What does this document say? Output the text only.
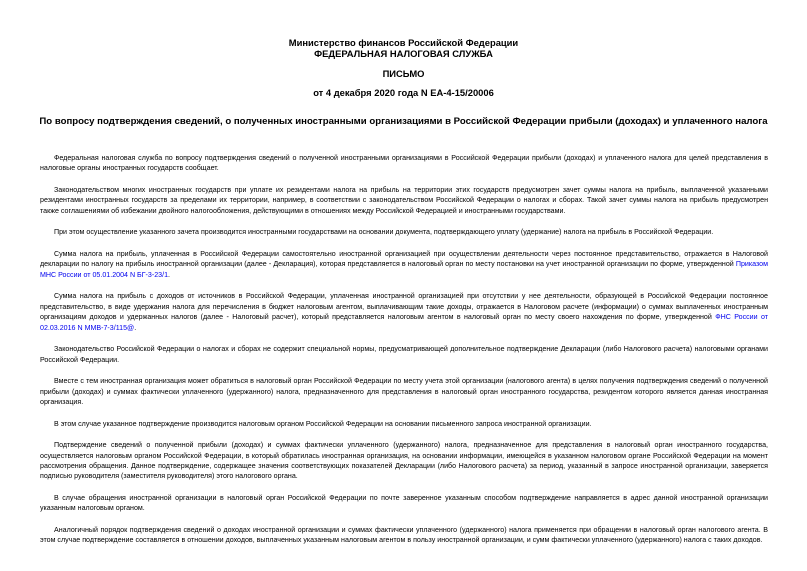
Министерство финансов Российской Федерации
ФЕДЕРАЛЬНАЯ НАЛОГОВАЯ СЛУЖБА
ПИСЬМО
от 4 декабря 2020 года N ЕА-4-15/20006
По вопросу подтверждения сведений, о полученных иностранными организациями в Российской Федерации прибыли (доходах) и уплаченного налога

Федеральная налоговая служба по вопросу подтверждения сведений о полученной иностранными организациями в Российской Федерации прибыли (доходах) и уплаченного налога для целей представления в налоговые органы иностранных государств сообщает.

Законодательством многих иностранных государств при уплате их резидентами налога на прибыль на территории этих государств предусмотрен зачет суммы налога на прибыль, выплаченной указанными резидентами иностранных государств за пределами их территории, например, в соответствии с законодательством Российской Федерации о налогах и сборах. Такой зачет суммы налога на прибыль предусмотрен также соглашениями об избежании двойного налогообложения, действующими в отношениях между Российской Федерацией и иностранными государствами.

При этом осуществление указанного зачета производится иностранными государствами на основании документа, подтверждающего уплату (удержание) налога на прибыль в Российской Федерации.

Сумма налога на прибыль, уплаченная в Российской Федерации самостоятельно иностранной организацией при осуществлении деятельности через постоянное представительство, отражается в Налоговой декларации по налогу на прибыль иностранной организации (далее - Декларация), которая представляется в налоговый орган по месту постановки на учет иностранной организации по форме, утвержденной Приказом МНС России от 05.01.2004 N БГ-3-23/1.

Сумма налога на прибыль с доходов от источников в Российской Федерации, уплаченная иностранной организацией при отсутствии у нее деятельности, образующей в Российской Федерации постоянное представительство, в виде удержания налога для перечисления в бюджет налоговым агентом, выплачивающим такие доходы, отражается в Налоговом расчете (информации) о суммах выплаченных иностранным организациям доходов и удержанных налогов (далее - Налоговый расчет), который представляется налоговым агентом в налоговый орган по месту своего нахождения по форме, утвержденной ФНС России от 02.03.2016 N ММВ-7-3/115@.

Законодательство Российской Федерации о налогах и сборах не содержит специальной нормы, предусматривающей дополнительное подтверждение Декларации (либо Налогового расчета) налоговыми органами Российской Федерации.

Вместе с тем иностранная организация может обратиться в налоговый орган Российской Федерации по месту учета этой организации (налогового агента) в целях получения подтверждения сведений о полученной прибыли (доходах) и суммах фактически уплаченного (удержанного) налога, предназначенного для представления в налоговый орган иностранного государства, резидентом которого является данная иностранная организация.

В этом случае указанное подтверждение производится налоговым органом Российской Федерации на основании письменного запроса иностранной организации.

Подтверждение сведений о полученной прибыли (доходах) и суммах фактически уплаченного (удержанного) налога, предназначенное для представления в налоговый орган иностранного государства, осуществляется налоговым органом Российской Федерации, в который обратилась иностранная организация, на основании информации, имеющейся в указанном налоговом органе Российской Федерации на момент рассмотрения обращения. Данное подтверждение, содержащее значения соответствующих показателей Декларации (либо Налогового расчета) за период, указанный в запросе иностранной организации, заверяется подписью руководителя (заместителя руководителя) этого налогового органа.

В случае обращения иностранной организации в налоговый орган Российской Федерации по почте заверенное указанным способом подтверждение направляется в адрес данной иностранной организации указанным налоговым органом.

Аналогичный порядок подтверждения сведений о доходах иностранной организации и суммах фактически уплаченного (удержанного) налога применяется при обращении в налоговый орган налогового агента. В этом случае подтверждение составляется в отношении доходов, выплаченных указанным налоговым агентом в пользу иностранной организации, и сумм фактически уплаченного (удержанного) налога с таких доходов.
